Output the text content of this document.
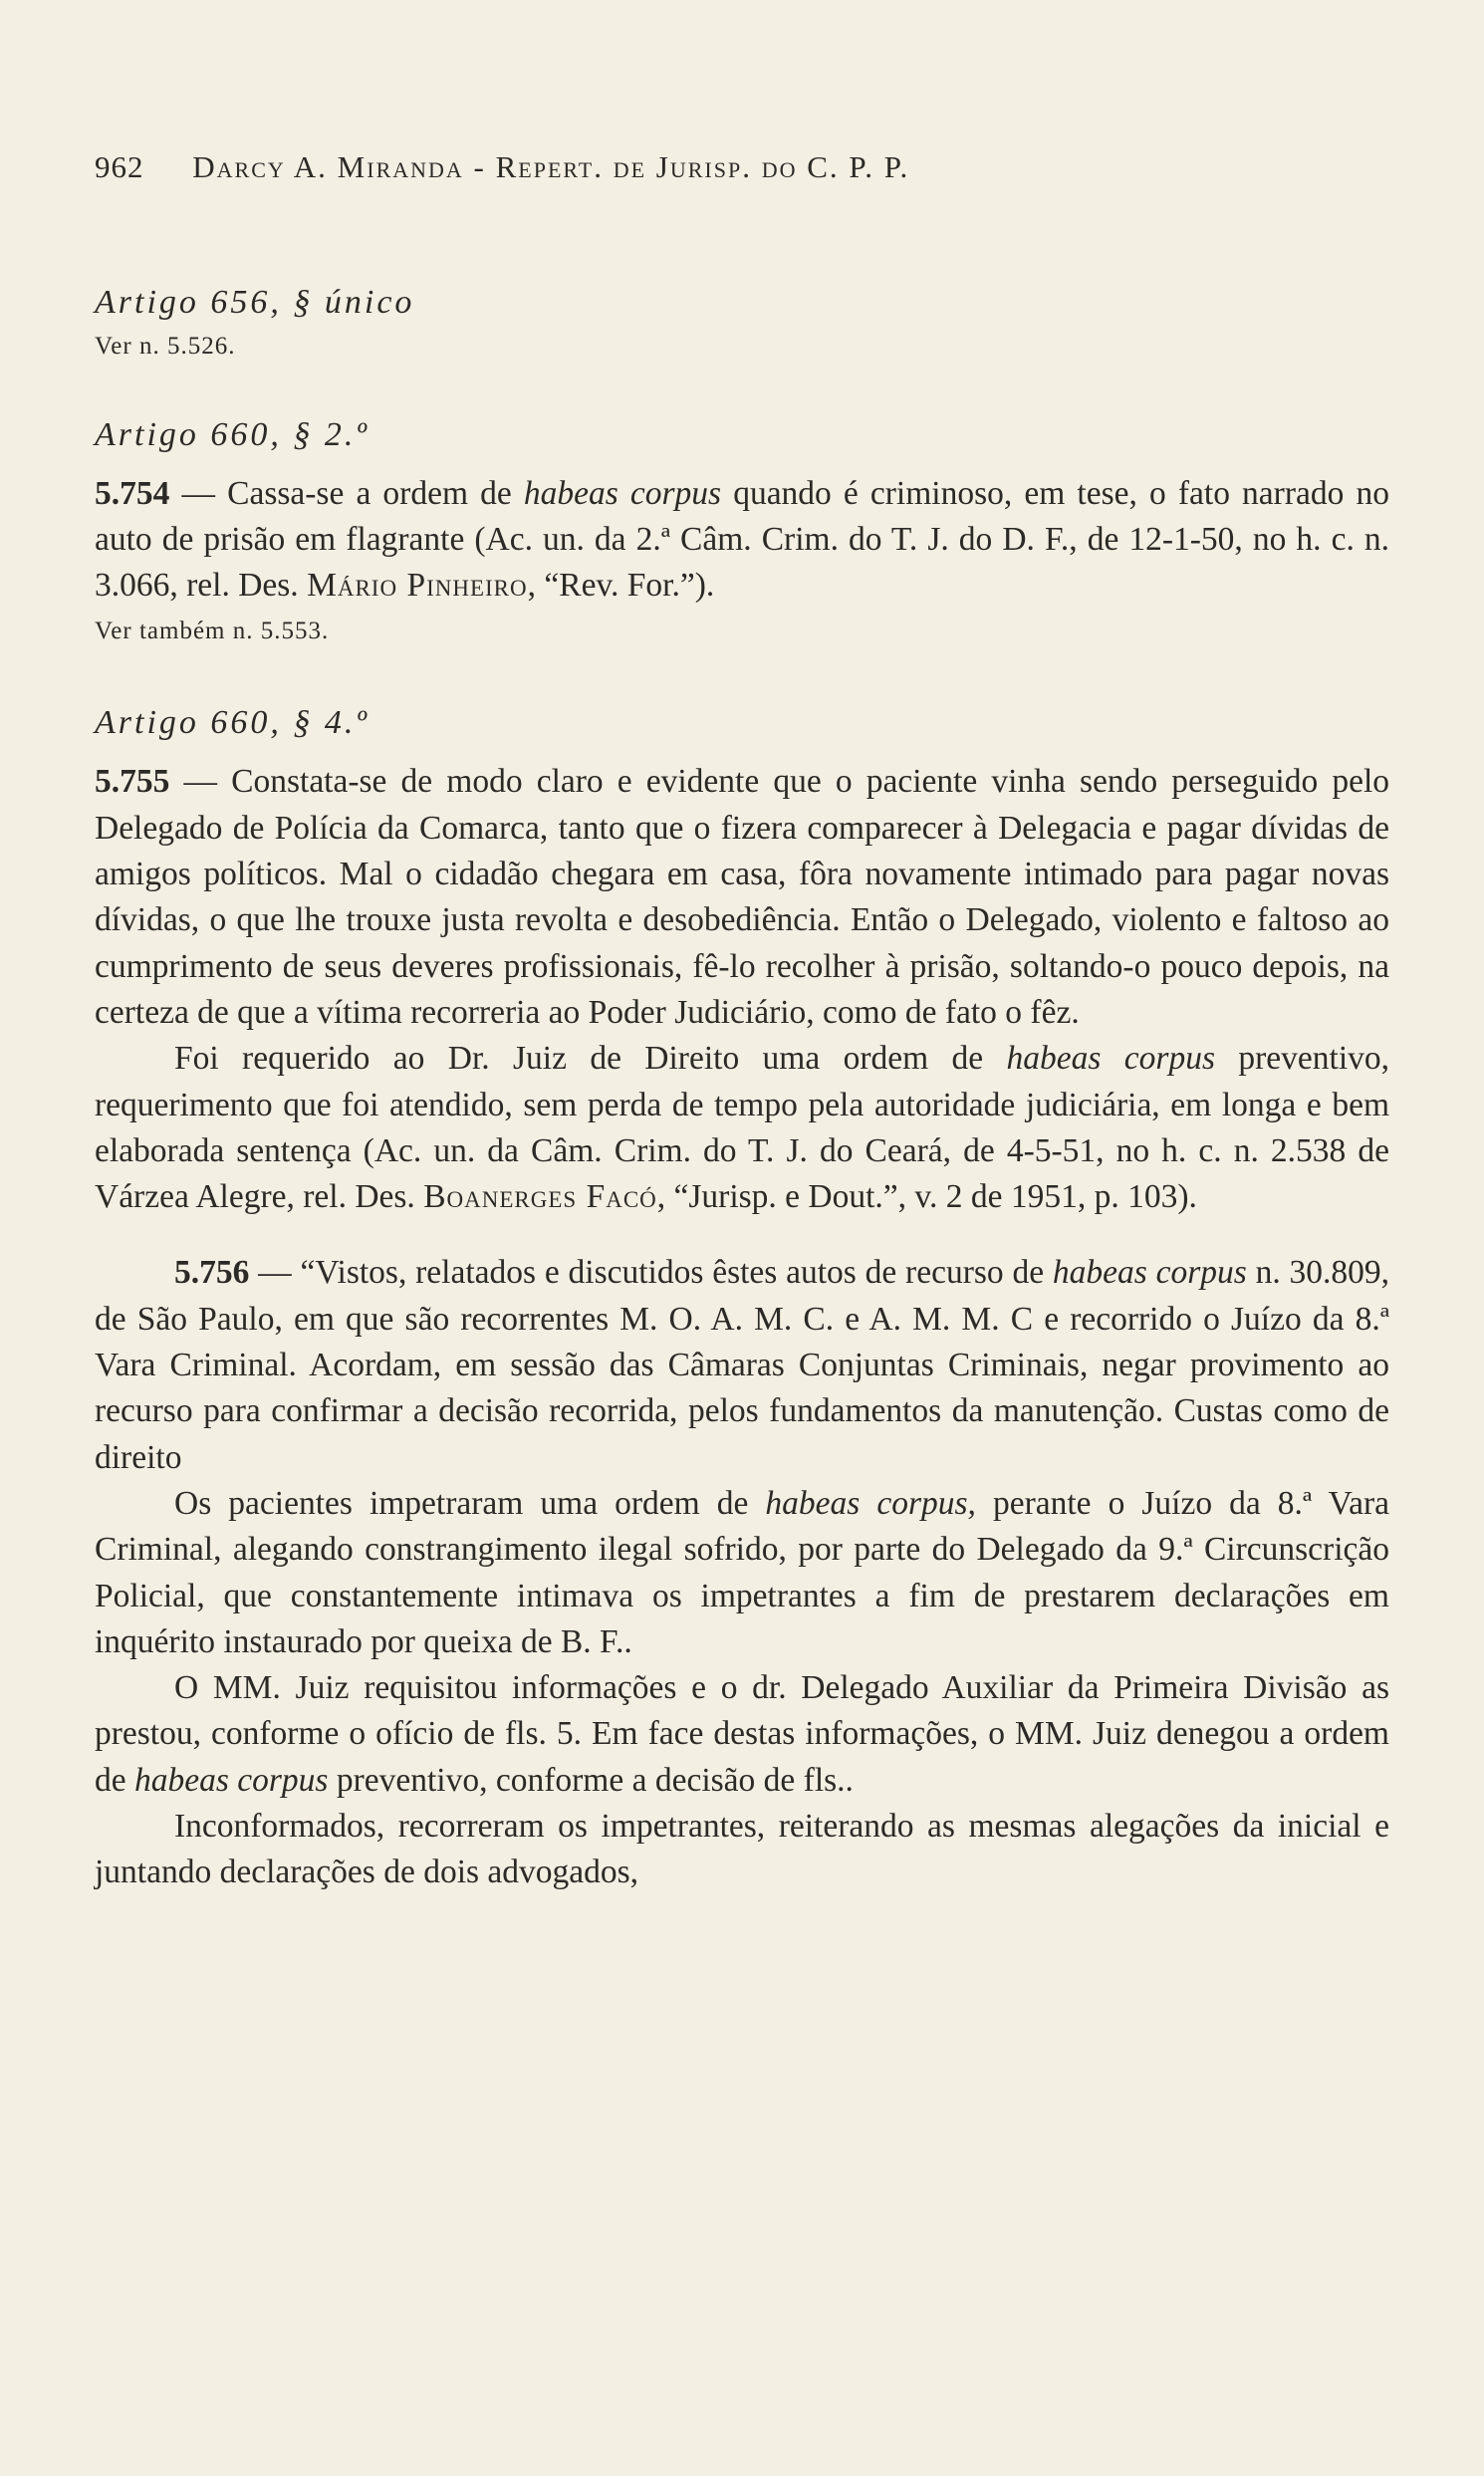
962 Darcy A. Miranda - Repert. de Jurisp. do C. P. P.

Artigo 656, § único

Ver n. 5.526.

Artigo 660, § 2.º

5.754 — Cassa-se a ordem de habeas corpus quando é criminoso, em tese, o fato narrado no auto de prisão em flagrante (Ac. un. da 2.ª Câm. Crim. do T. J. do D. F., de 12-1-50, no h. c. n. 3.066, rel. Des. Mário Pinheiro, “Rev. For.”).

Ver também n. 5.553.

Artigo 660, § 4.º

5.755 — Constata-se de modo claro e evidente que o paciente vinha sendo perseguido pelo Delegado de Polícia da Comarca, tanto que o fizera comparecer à Delegacia e pagar dívidas de amigos políticos. Mal o cidadão chegara em casa, fôra novamente intimado para pagar novas dívidas, o que lhe trouxe justa revolta e desobediência. Então o Delegado, violento e faltoso ao cumprimento de seus deveres profissionais, fê-lo recolher à prisão, soltando-o pouco depois, na certeza de que a vítima recorreria ao Poder Judiciário, como de fato o fêz.

Foi requerido ao Dr. Juiz de Direito uma ordem de habeas corpus preventivo, requerimento que foi atendido, sem perda de tempo pela autoridade judiciária, em longa e bem elaborada sentença (Ac. un. da Câm. Crim. do T. J. do Ceará, de 4-5-51, no h. c. n. 2.538 de Várzea Alegre, rel. Des. Boanerges Facó, “Jurisp. e Dout.”, v. 2 de 1951, p. 103).

5.756 — “Vistos, relatados e discutidos êstes autos de recurso de habeas corpus n. 30.809, de São Paulo, em que são recorrentes M. O. A. M. C. e A. M. M. C e recorrido o Juízo da 8.ª Vara Criminal. Acordam, em sessão das Câmaras Conjuntas Criminais, negar provimento ao recurso para confirmar a decisão recorrida, pelos fundamentos da manutenção. Custas como de direito

Os pacientes impetraram uma ordem de habeas corpus, perante o Juízo da 8.ª Vara Criminal, alegando constrangimento ilegal sofrido, por parte do Delegado da 9.ª Circunscrição Policial, que constantemente intimava os impetrantes a fim de prestarem declarações em inquérito instaurado por queixa de B. F..

O MM. Juiz requisitou informações e o dr. Delegado Auxiliar da Primeira Divisão as prestou, conforme o ofício de fls. 5. Em face destas informações, o MM. Juiz denegou a ordem de habeas corpus preventivo, conforme a decisão de fls..

Inconformados, recorreram os impetrantes, reiterando as mesmas alegações da inicial e juntando declarações de dois advogados,
